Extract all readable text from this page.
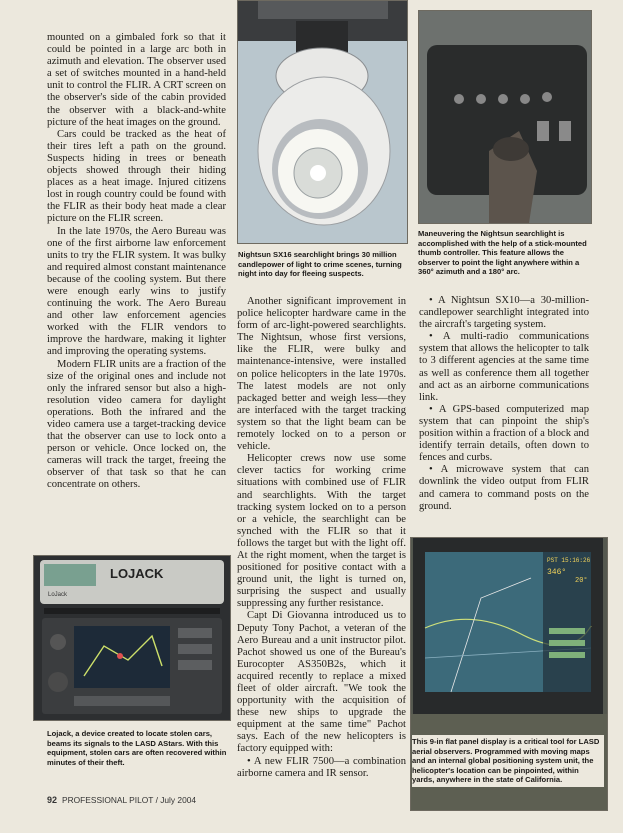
mounted on a gimbaled fork so that it could be pointed in a large arc both in azimuth and elevation. The observer used a set of switches mounted in a hand-held unit to control the FLIR. A CRT screen on the observer's side of the cabin provided the observer with a black-and-white picture of the heat images on the ground.

Cars could be tracked as the heat of their tires left a path on the ground. Suspects hiding in trees or beneath objects showed through their hiding places as a heat image. Injured citizens lost in rough country could be found with the FLIR as their body heat made a clear picture on the FLIR screen.

In the late 1970s, the Aero Bureau was one of the first airborne law enforcement units to try the FLIR system. It was bulky and required almost constant maintenance because of the cooling system. But there were enough early wins to justify continuing the work. The Aero Bureau and other law enforcement agencies worked with the FLIR vendors to improve the hardware, making it lighter and improving the operating systems.

Modern FLIR units are a fraction of the size of the original ones and include not only the infrared sensor but also a high-resolution video camera for daylight operations. Both the infrared and the video camera use a target-tracking device that the observer can use to lock onto a person or vehicle. Once locked on, the cameras will track the target, freeing the observer of that task so that he can concentrate on others.

Nightsun SX16 searchlight brings 30 million candlepower of light to crime scenes, turning night into day for fleeing suspects.
Maneuvering the Nightsun searchlight is accomplished with the help of a stick-mounted thumb controller. This feature allows the observer to point the light anywhere within a 360° azimuth and a 180° arc.

Another significant improvement in police helicopter hardware came in the form of arc-light-powered searchlights. The Nightsun, whose first versions, like the FLIR, were bulky and maintenance-intensive, were installed on police helicopters in the late 1970s. The latest models are not only packaged better and weigh less—they are interfaced with the target tracking system so that the light beam can be remotely locked on to a person or vehicle.

Helicopter crews now use some clever tactics for working crime situations with combined use of FLIR and searchlights. With the target tracking system locked on to a person or a vehicle, the searchlight can be synched with the FLIR so that it follows the target but with the light off. At the right moment, when the target is positioned for positive contact with a ground unit, the light is turned on, surprising the suspect and usually suppressing any further resistance.

Capt Di Giovanna introduced us to Deputy Tony Pachot, a veteran of the Aero Bureau and a unit instructor pilot. Pachot showed us one of the Bureau's Eurocopter AS350B2s, which it acquired recently to replace a mixed fleet of older aircraft. "We took the opportunity with the acquisition of these new ships to upgrade the equipment at the same time" Pachot says. Each of the new helicopters is factory equipped with:

• A new FLIR 7500—a combination airborne camera and IR sensor.

• A Nightsun SX10—a 30-million-candlepower searchlight integrated into the aircraft's targeting system.
• A multi-radio communications system that allows the helicopter to talk to 3 different agencies at the same time as well as conference them all together and act as an airborne communications link.
• A GPS-based computerized map system that can pinpoint the ship's position within a fraction of a block and identify terrain details, often down to fences and curbs.
• A microwave system that can downlink the video output from FLIR and camera to command posts on the ground.
LOJACK
LoJack
Lojack, a device created to locate stolen cars, beams its signals to the LASD AStars. With this equipment, stolen cars are often recovered within minutes of their theft.
PST 15:16:26
346°
20°
This 9-in flat panel display is a critical tool for LASD aerial observers. Programmed with moving maps and an internal global positioning system unit, the helicopter's location can be pinpointed, within yards, anywhere in the state of California.
92 PROFESSIONAL PILOT / July 2004
